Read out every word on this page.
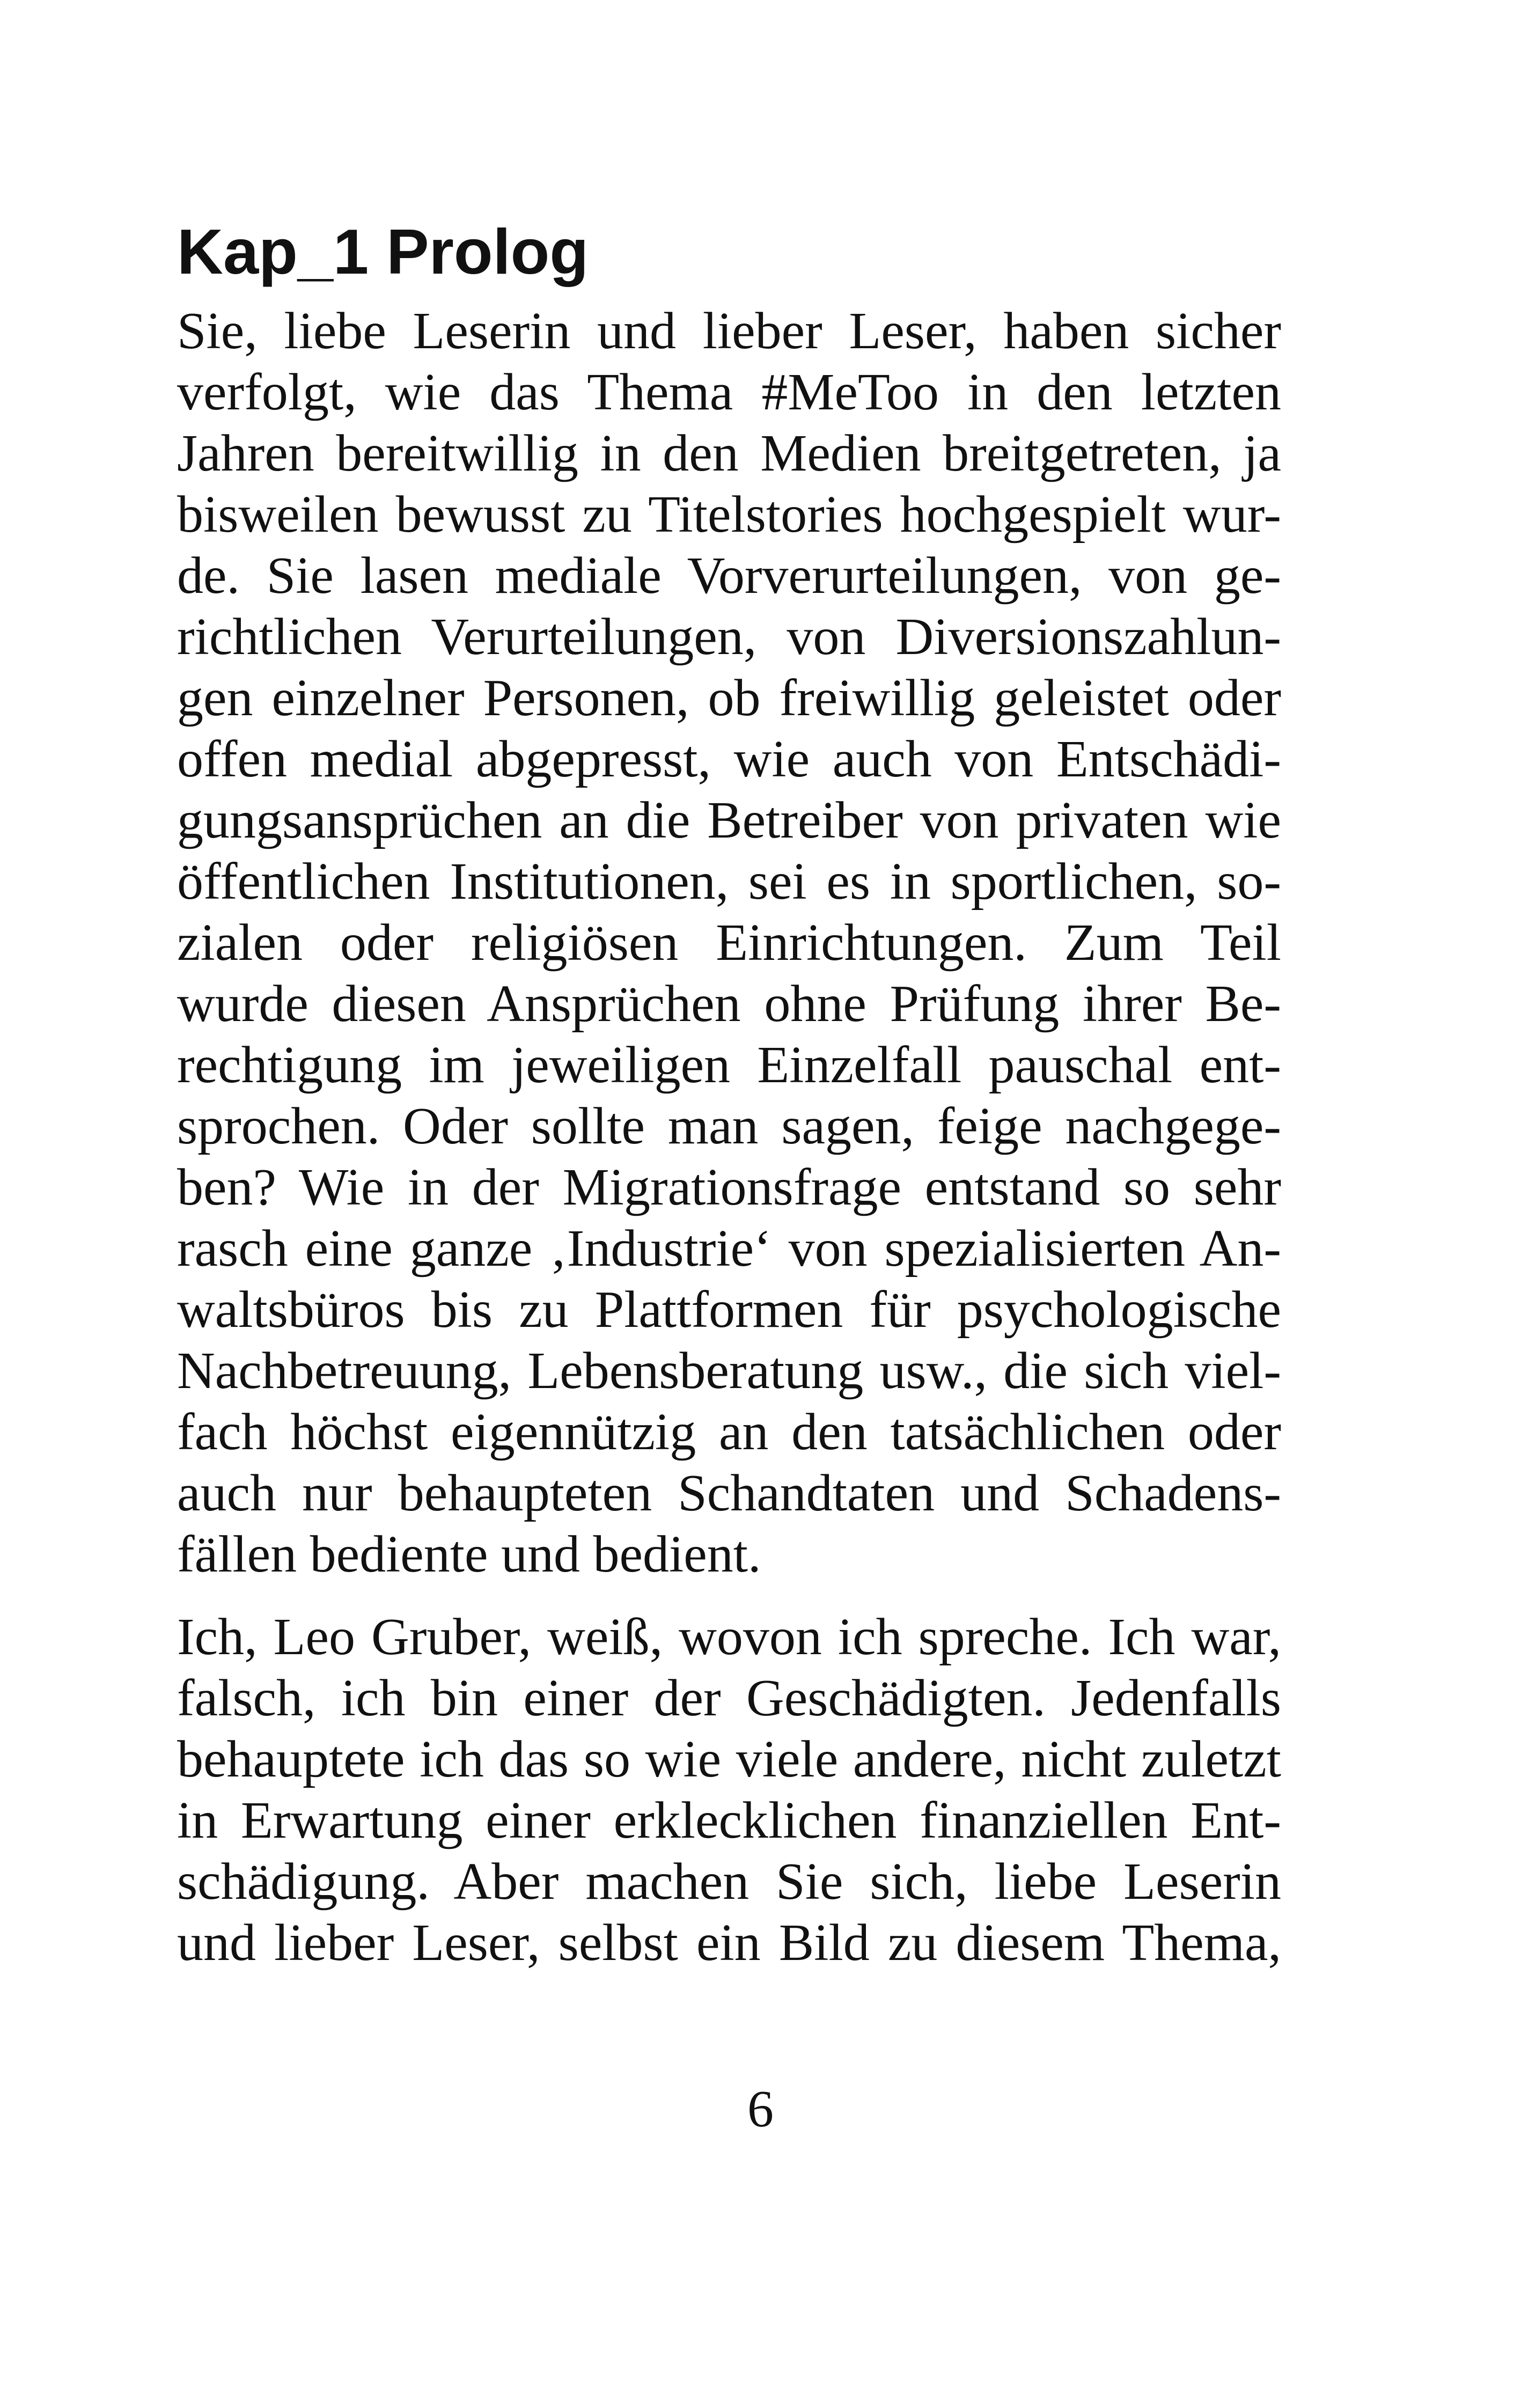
Kap_1 Prolog

Sie, liebe Leserin und lieber Leser, haben sicher
verfolgt, wie das Thema #MeToo in den letzten
Jahren bereitwillig in den Medien breitgetreten, ja
bisweilen bewusst zu Titelstories hochgespielt wur-
de. Sie lasen mediale Vorverurteilungen, von ge-
richtlichen Verurteilungen, von Diversionszahlun-
gen einzelner Personen, ob freiwillig geleistet oder
offen medial abgepresst, wie auch von Entschädi-
gungsansprüchen an die Betreiber von privaten wie
öffentlichen Institutionen, sei es in sportlichen, so-
zialen oder religiösen Einrichtungen. Zum Teil
wurde diesen Ansprüchen ohne Prüfung ihrer Be-
rechtigung im jeweiligen Einzelfall pauschal ent-
sprochen. Oder sollte man sagen, feige nachgege-
ben? Wie in der Migrationsfrage entstand so sehr
rasch eine ganze ‚Industrie‘ von spezialisierten An-
waltsbüros bis zu Plattformen für psychologische
Nachbetreuung, Lebensberatung usw., die sich viel-
fach höchst eigennützig an den tatsächlichen oder
auch nur behaupteten Schandtaten und Schadens-
fällen bediente und bedient.

Ich, Leo Gruber, weiß, wovon ich spreche. Ich war,
falsch, ich bin einer der Geschädigten. Jedenfalls
behauptete ich das so wie viele andere, nicht zuletzt
in Erwartung einer erklecklichen finanziellen Ent-
schädigung. Aber machen Sie sich, liebe Leserin
und lieber Leser, selbst ein Bild zu diesem Thema,

6
